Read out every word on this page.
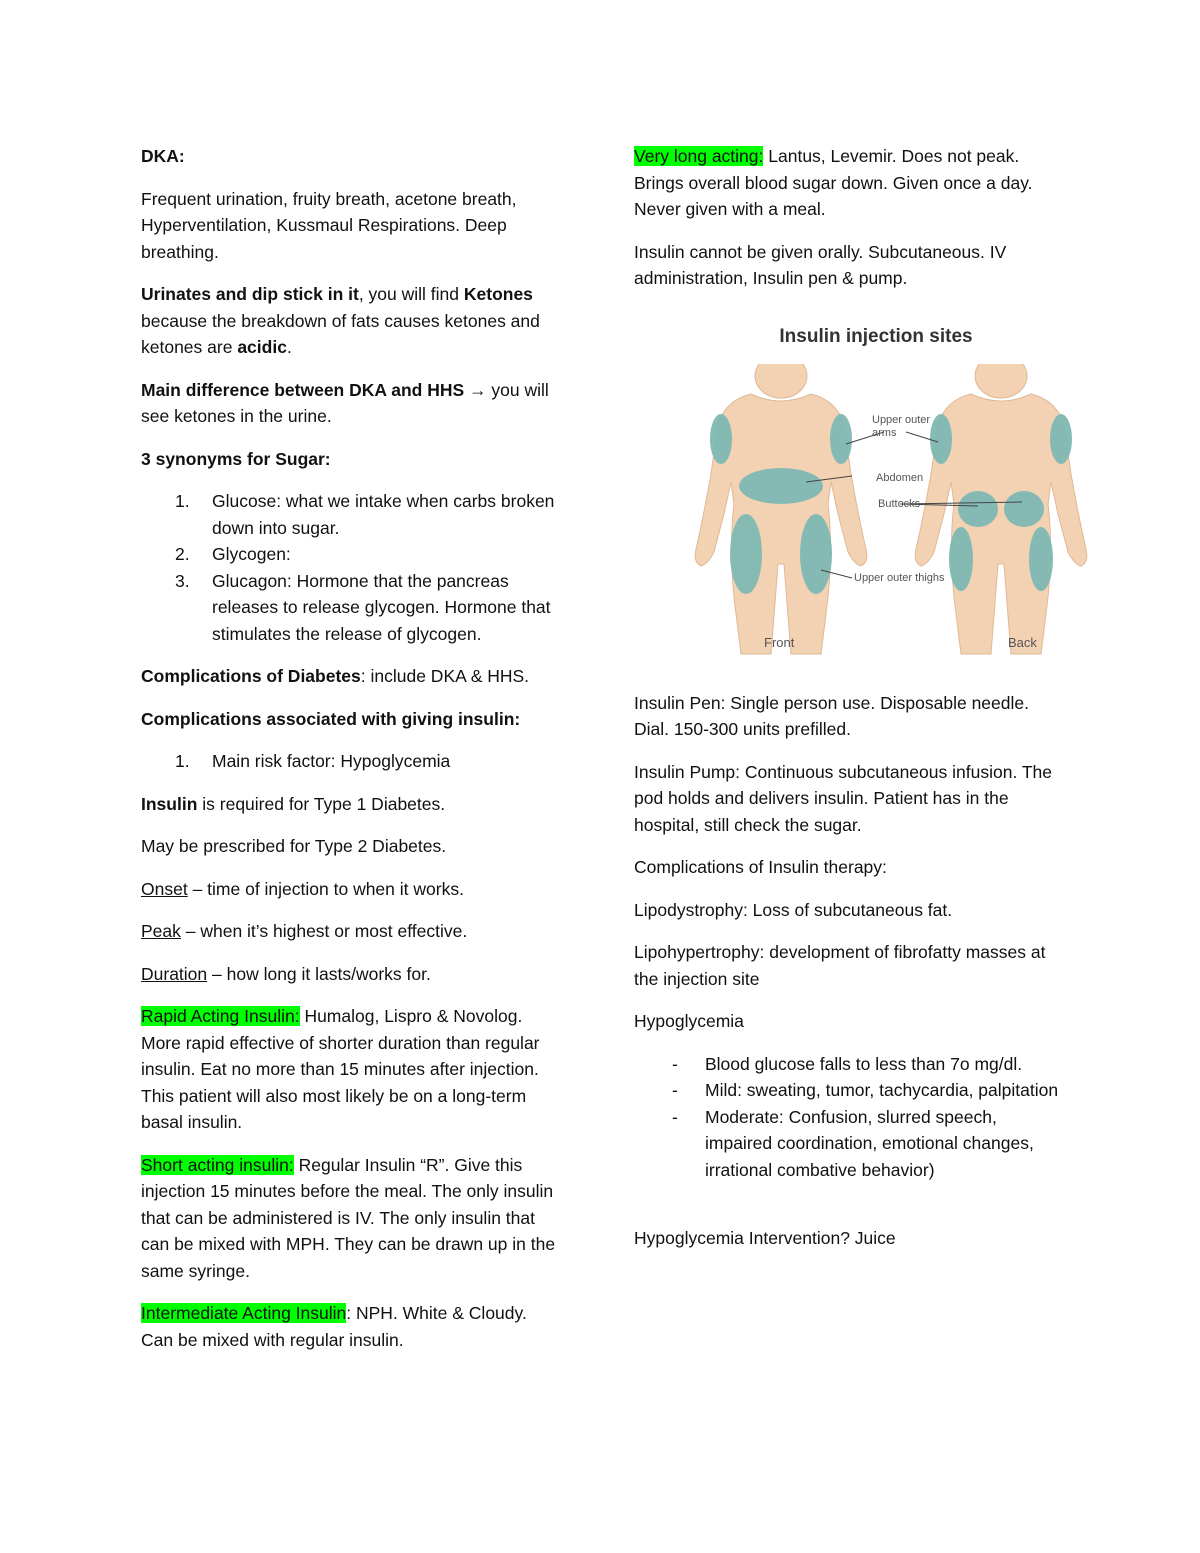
DKA:

Frequent urination, fruity breath, acetone breath, Hyperventilation, Kussmaul Respirations. Deep breathing.

Urinates and dip stick in it, you will find Ketones because the breakdown of fats causes ketones and ketones are acidic.

Main difference between DKA and HHS → you will see ketones in the urine.

3 synonyms for Sugar:

1. Glucose: what we intake when carbs broken down into sugar.
2. Glycogen:
3. Glucagon: Hormone that the pancreas releases to release glycogen. Hormone that stimulates the release of glycogen.

Complications of Diabetes: include DKA & HHS.

Complications associated with giving insulin:

1. Main risk factor: Hypoglycemia

Insulin is required for Type 1 Diabetes.

May be prescribed for Type 2 Diabetes.

Onset – time of injection to when it works.

Peak – when it’s highest or most effective.

Duration – how long it lasts/works for.

Rapid Acting Insulin: Humalog, Lispro & Novolog. More rapid effective of shorter duration than regular insulin. Eat no more than 15 minutes after injection. This patient will also most likely be on a long-term basal insulin.

Short acting insulin: Regular Insulin “R”. Give this injection 15 minutes before the meal. The only insulin that can be administered is IV. The only insulin that can be mixed with MPH. They can be drawn up in the same syringe.

Intermediate Acting Insulin: NPH. White & Cloudy. Can be mixed with regular insulin.

Very long acting: Lantus, Levemir. Does not peak. Brings overall blood sugar down. Given once a day. Never given with a meal.

Insulin cannot be given orally. Subcutaneous. IV administration, Insulin pen & pump.

Insulin injection sites
Upper outer arms
Abdomen
Buttocks
Upper outer thighs
Front	Back

Insulin Pen: Single person use. Disposable needle. Dial. 150-300 units prefilled.

Insulin Pump: Continuous subcutaneous infusion. The pod holds and delivers insulin. Patient has in the hospital, still check the sugar.

Complications of Insulin therapy:

Lipodystrophy: Loss of subcutaneous fat.

Lipohypertrophy: development of fibrofatty masses at the injection site

Hypoglycemia

- Blood glucose falls to less than 7o mg/dl.
- Mild: sweating, tumor, tachycardia, palpitation
- Moderate: Confusion, slurred speech, impaired coordination, emotional changes, irrational combative behavior)

Hypoglycemia Intervention? Juice
